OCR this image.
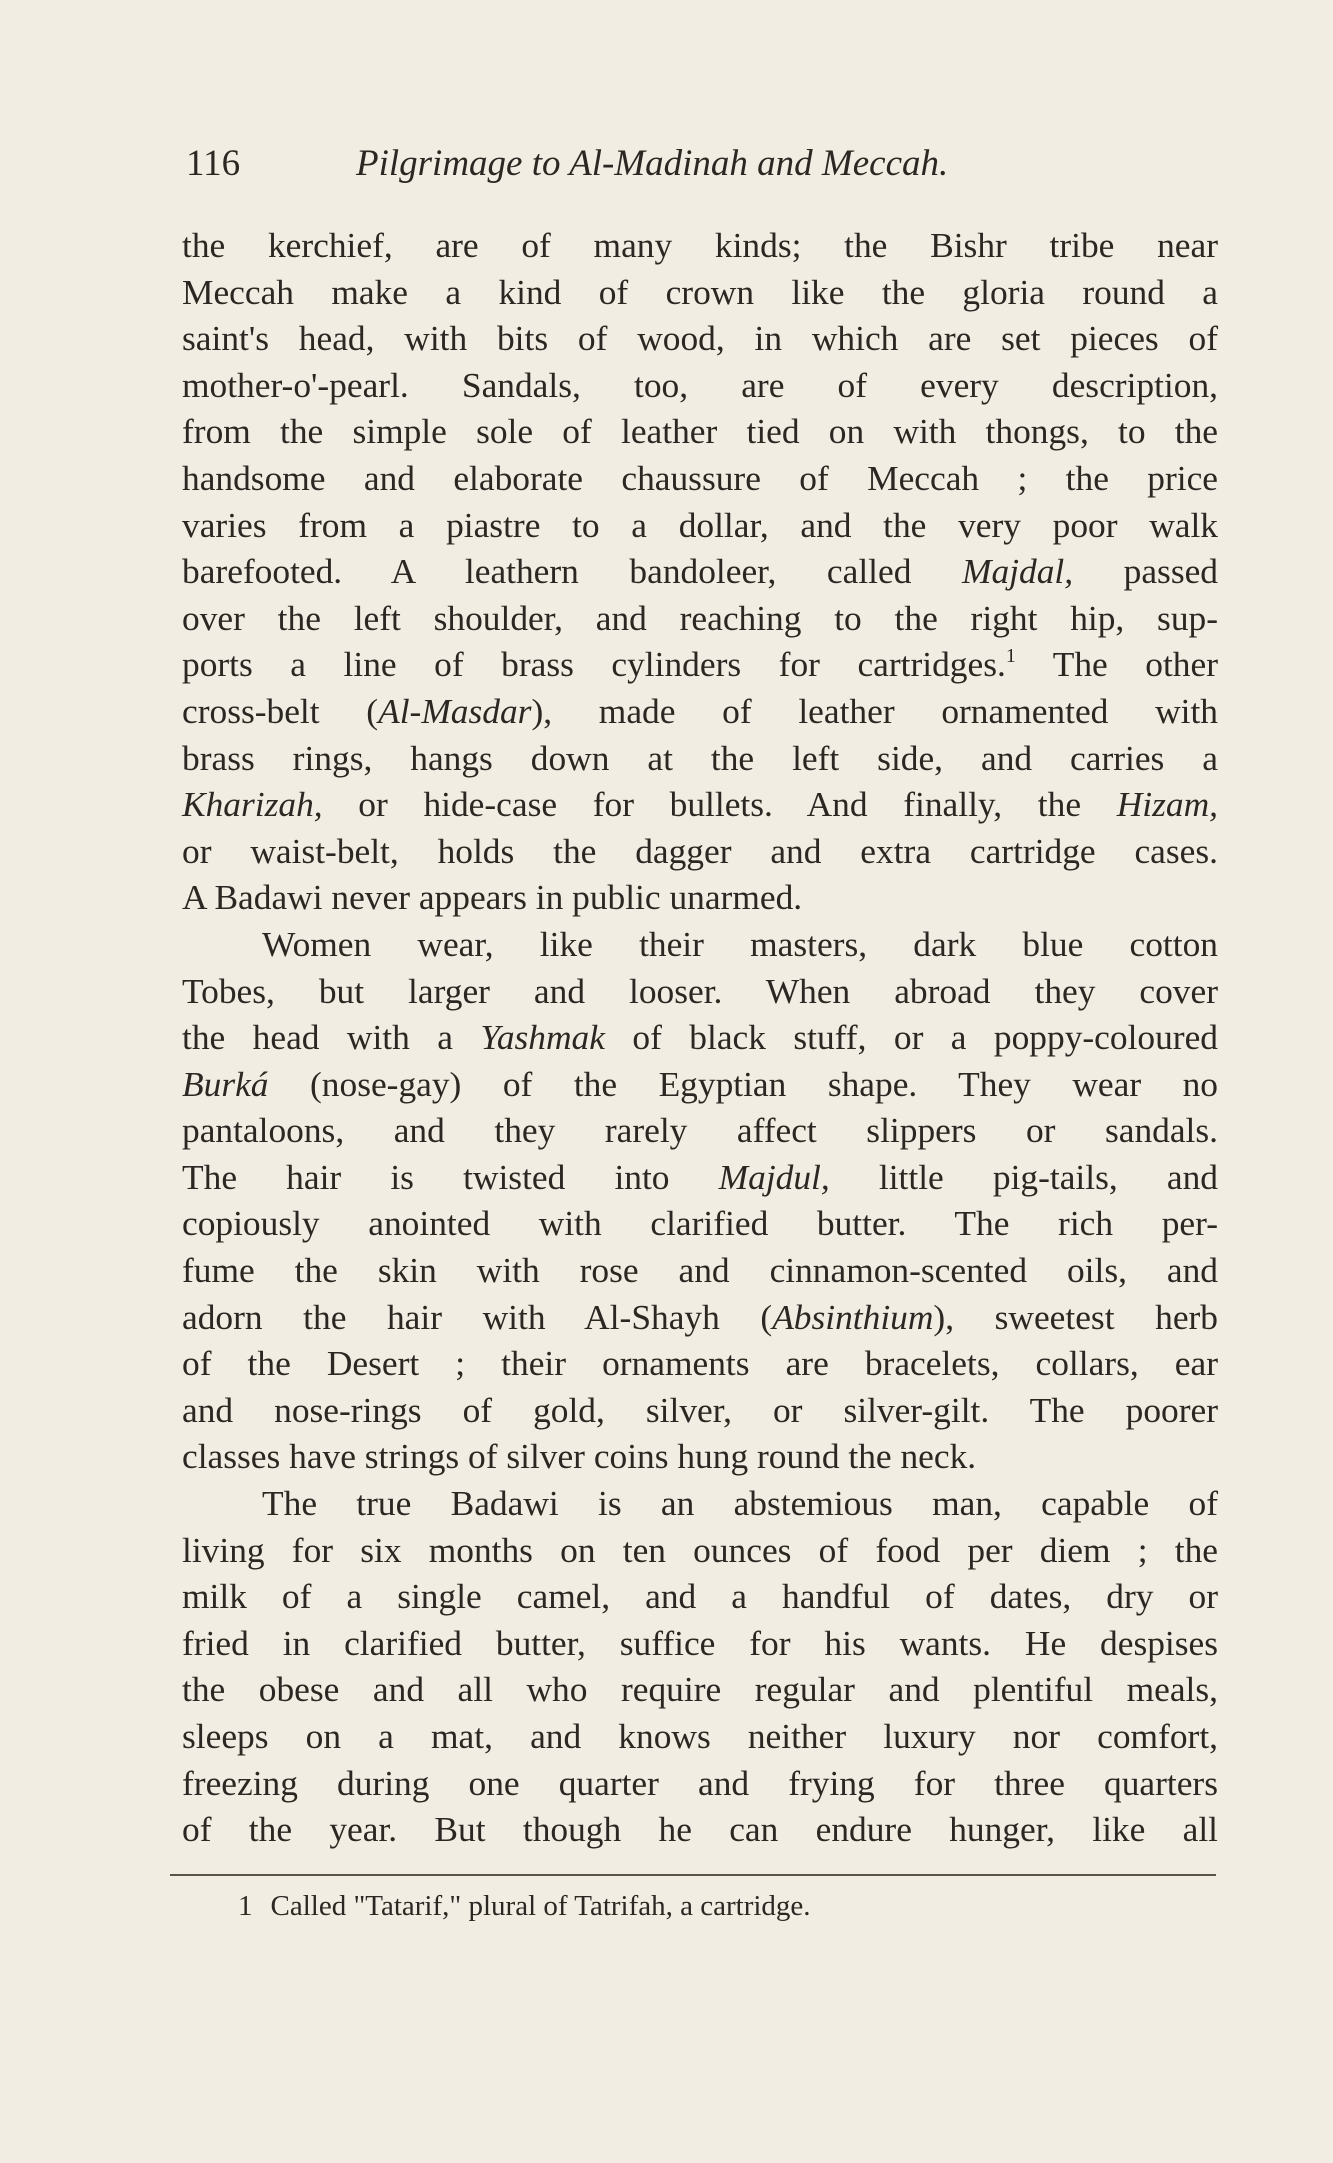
116	Pilgrimage to Al-Madinah and Meccah.
the kerchief, are of many kinds; the Bishr tribe near
Meccah make a kind of crown like the gloria round a
saint's head, with bits of wood, in which are set pieces of
mother-o'-pearl. Sandals, too, are of every description,
from the simple sole of leather tied on with thongs, to the
handsome and elaborate chaussure of Meccah ; the price
varies from a piastre to a dollar, and the very poor walk
barefooted. A leathern bandoleer, called Majdal, passed
over the left shoulder, and reaching to the right hip, sup-
ports a line of brass cylinders for cartridges.$^1$ The other
cross-belt (Al-Masdar), made of leather ornamented with
brass rings, hangs down at the left side, and carries a
Kharizah, or hide-case for bullets. And finally, the Hizam,
or waist-belt, holds the dagger and extra cartridge cases.
A Badawi never appears in public unarmed.
Women wear, like their masters, dark blue cotton
Tobes, but larger and looser. When abroad they cover
the head with a Yashmak of black stuff, or a poppy-coloured
Burká (nose-gay) of the Egyptian shape. They wear no
pantaloons, and they rarely affect slippers or sandals.
The hair is twisted into Majdul, little pig-tails, and
copiously anointed with clarified butter. The rich per-
fume the skin with rose and cinnamon-scented oils, and
adorn the hair with Al-Shayh (Absinthium), sweetest herb
of the Desert ; their ornaments are bracelets, collars, ear
and nose-rings of gold, silver, or silver-gilt. The poorer
classes have strings of silver coins hung round the neck.
The true Badawi is an abstemious man, capable of
living for six months on ten ounces of food per diem ; the
milk of a single camel, and a handful of dates, dry or
fried in clarified butter, suffice for his wants. He despises
the obese and all who require regular and plentiful meals,
sleeps on a mat, and knows neither luxury nor comfort,
freezing during one quarter and frying for three quarters
of the year. But though he can endure hunger, like all
1 Called "Tatarif," plural of Tatrifah, a cartridge.
